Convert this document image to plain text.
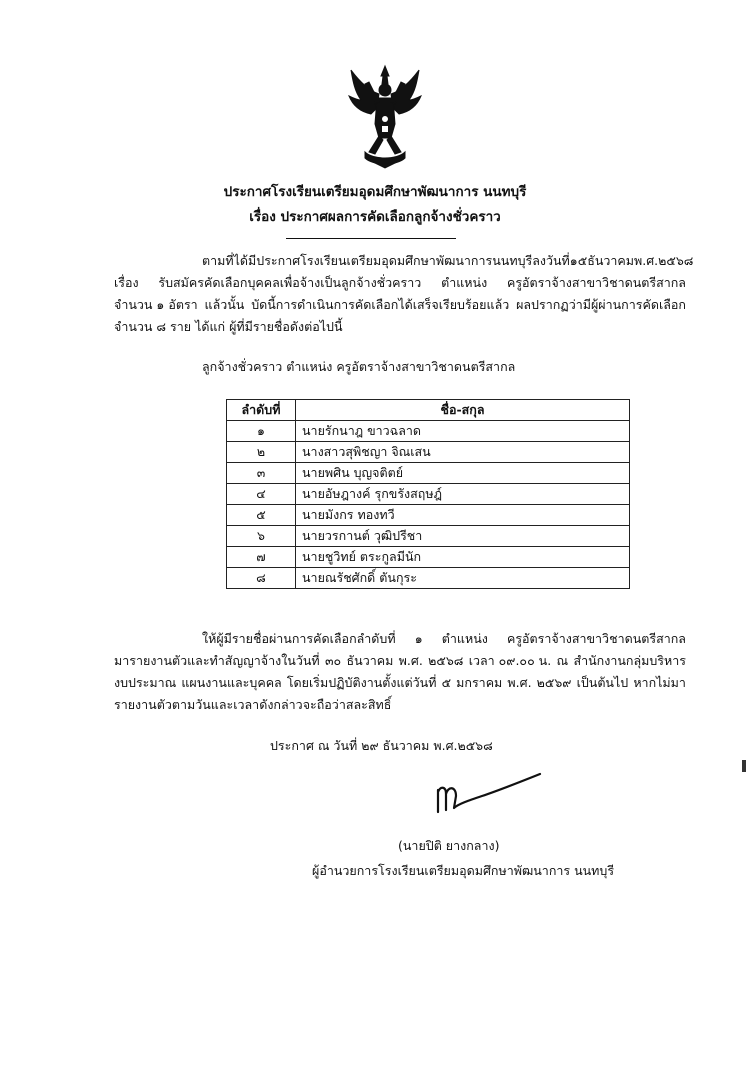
ประกาศโรงเรียนเตรียมอุดมศึกษาพัฒนาการ นนทบุรี
เรื่อง ประกาศผลการคัดเลือกลูกจ้างชั่วคราว
ตามที่ได้มีประกาศโรงเรียนเตรียมอุดมศึกษาพัฒนาการ นนทบุรี ลงวันที่ ๑๕ ธันวาคม พ.ศ.๒๕๖๘
เรื่อง รับสมัครคัดเลือกบุคคลเพื่อจ้างเป็นลูกจ้างชั่วคราว ตำแหน่ง ครูอัตราจ้างสาขาวิชาดนตรีสากล
จำนวน ๑ อัตรา แล้วนั้น บัดนี้การดำเนินการคัดเลือกได้เสร็จเรียบร้อยแล้ว ผลปรากฏว่ามีผู้ผ่านการคัดเลือก
จำนวน ๘ ราย ได้แก่ ผู้ที่มีรายชื่อดังต่อไปนี้
ลูกจ้างชั่วคราว ตำแหน่ง ครูอัตราจ้างสาขาวิชาดนตรีสากล
ลำดับที่	ชื่อ-สกุล
๑	นายรักนาฎ ขาวฉลาด
๒	นางสาวสุพิชญา จิณเสน
๓	นายพศิน บุญจติตย์
๔	นายอัษฎางค์ รุกขรังสฤษฎ์
๕	นายมังกร ทองทวี
๖	นายวรกานต์ วุฒิปรีชา
๗	นายชูวิทย์ ตระกูลมีนัก
๘	นายณรัชศักดิ์ ตันกุระ
ให้ผู้มีรายชื่อผ่านการคัดเลือกลำดับที่ ๑ ตำแหน่ง ครูอัตราจ้างสาขาวิชาดนตรีสากล
มารายงานตัวและทำสัญญาจ้างในวันที่ ๓๐ ธันวาคม พ.ศ. ๒๕๖๘ เวลา ๐๙.๐๐ น. ณ สำนักงานกลุ่มบริหาร
งบประมาณ แผนงานและบุคคล โดยเริ่มปฏิบัติงานตั้งแต่วันที่ ๕ มกราคม พ.ศ. ๒๕๖๙ เป็นต้นไป หากไม่มา
รายงานตัวตามวันและเวลาดังกล่าวจะถือว่าสละสิทธิ์
ประกาศ ณ วันที่ ๒๙ ธันวาคม พ.ศ.๒๕๖๘
(นายปิติ ยางกลาง)
ผู้อำนวยการโรงเรียนเตรียมอุดมศึกษาพัฒนาการ นนทบุรี
